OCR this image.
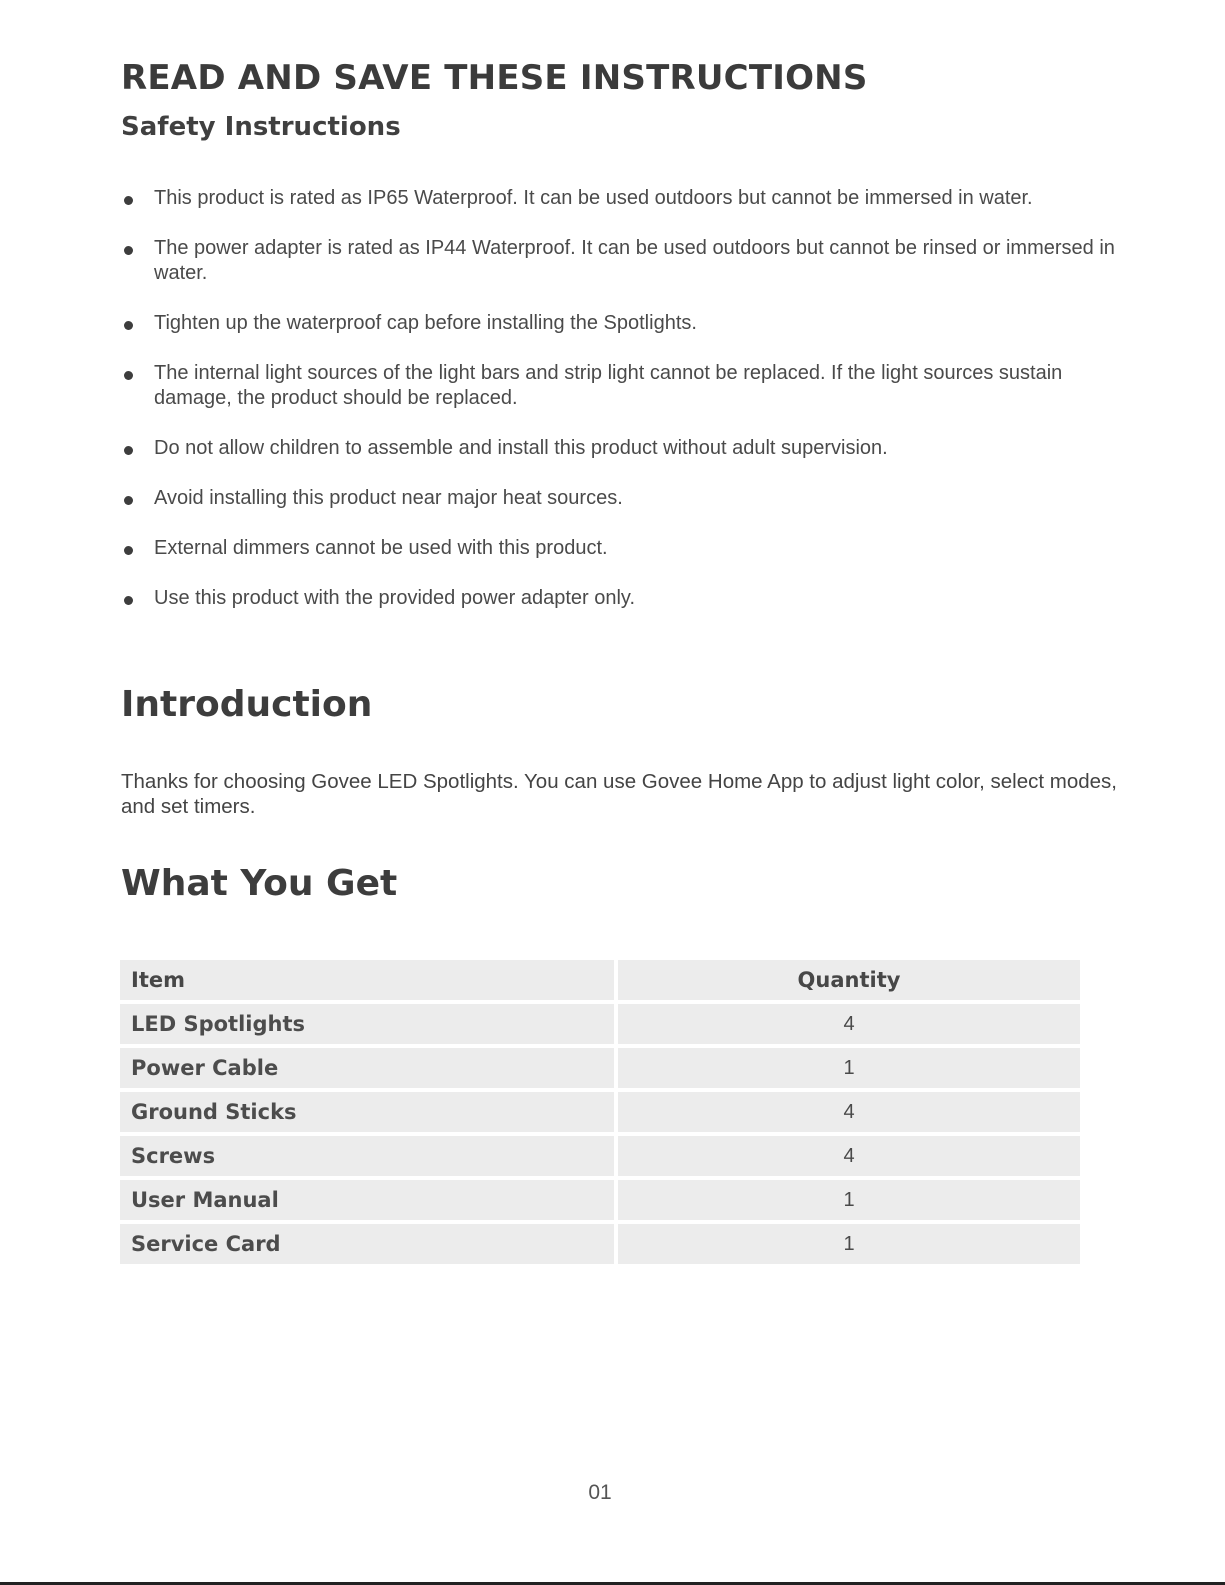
READ AND SAVE THESE INSTRUCTIONS
Safety Instructions
This product is rated as IP65 Waterproof. It can be used outdoors but cannot be immersed in water.
The power adapter is rated as IP44 Waterproof. It can be used outdoors but cannot be rinsed or immersed in water.
Tighten up the waterproof cap before installing the Spotlights.
The internal light sources of the light bars and strip light cannot be replaced. If the light sources sustain damage, the product should be replaced.
Do not allow children to assemble and install this product without adult supervision.
Avoid installing this product near major heat sources.
External dimmers cannot be used with this product.
Use this product with the provided power adapter only.
Introduction

Thanks for choosing Govee LED Spotlights. You can use Govee Home App to adjust light color, select modes, and set timers.

What You Get
Item	Quantity
LED Spotlights	4
Power Cable	1
Ground Sticks	4
Screws	4
User Manual	1
Service Card	1
01
